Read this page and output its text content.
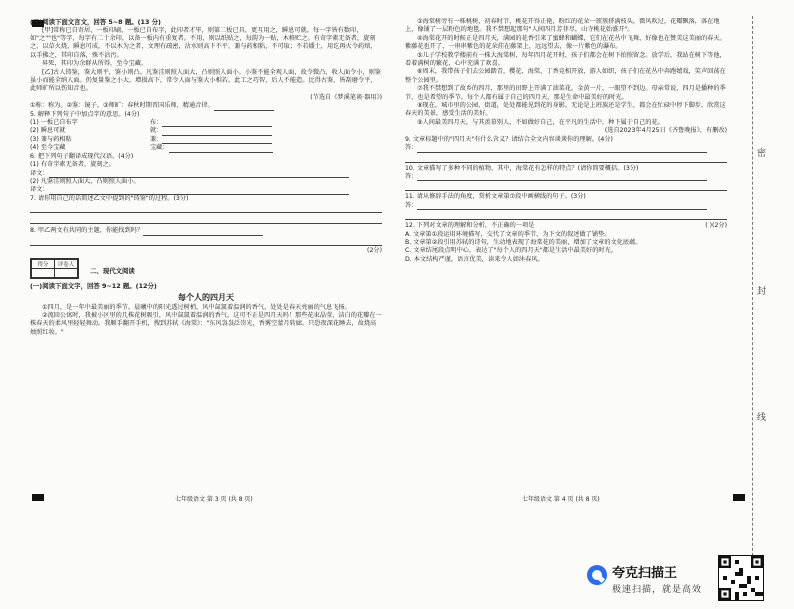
密
封
线

(三)阅读下面文言文，回答 5~8 题。(13 分)

[甲]常称已自寄居，一板印刷，一板已自布字，此印者才毕，则第二板已具，更互用之，瞬息可就。每一字皆有数印，如"之""也"等字，每字有二十余印，以备一板内有重复者。不用，则以纸贴之，每韵为一贴，木格贮之。有奇字素无备者，旋刻之，以草火烧，瞬息可成。不以木为之者，文理有疏密，沾水则高下不平，兼与药相粘，不可取；不若燔土，用讫再火令药熔，以手拂之，其印自落，殊不沾污。

昇死，其印为余群从所得，至今宝藏。

[乙]古人铸鉴，鉴大则平，鉴小则凸。凡鉴洼则照人面大，凸则照人面小。小鉴不能全观人面，故令微凸，收人面令小，则鉴虽小而能全纳人面。仍复量鉴之小大，增损高下，常令人面与鉴大小相若。此工之巧智，后人不能造。比得古鉴，皆刮磨令平，此师旷所以伤知音也。

(节选自《梦溪笔谈·器用》)

①称：称为。②鉴：镜子。③师旷：春秋时期晋国乐师，精通音律。

5. 解释下列句子中加点字的意思。(4分)

(1) 一板已自布字	布：

(2) 瞬息可就	就：

(3) 兼与药相粘	兼：

(4) 至今宝藏	宝藏：

6. 把下列句子翻译成现代汉语。(4分)

(1) 有奇字素无备者，旋刻之。

译文：

(2) 凡鉴洼则照人面大，凸则照人面小。

译文：

7. 请你用自己的话简述乙文中提到的"铸鉴"的过程。(3分)

8. 甲乙两文有共同的主题，你能找到吗？

(2分)

得分	评卷人

二、现代文阅读

(一)阅读下面文字，回答 9~12 题。(12分)

每个人的四月天

①四月，是一年中最美丽的季节。晨曦中的阳光透过树梢，风中氤氲着温润的香气，处处是春天亮丽的气息飞扬。

②流回公寓时，我被小区里的几株花树吸引，风中氤氲着温润的香气，这可不正是四月天吗！那些花束晶莹，洁白的花瓣在一株春天的柔风里轻轻舞动。我顺手翻开手机，搜到苏轼《海棠》："东风袅袅泛崇光，香雾空蒙月转廊。只恐夜深花睡去，故烧高烛照红妆。"

七年级语文 第 3 页 (共 8 页)

③海棠树旁有一株桃树，初春时节，桃花开得正艳，粉红的花朵一簇簇挤满枝头，微风吹过，花瓣飘落，落在地上，像铺了一层粉色的地毯。我不禁想起那句"人间四月芳菲尽，山寺桃花始盛开"。

④海棠花开的时候正是四月天，满园的花香引来了蜜蜂和蝴蝶，它们在花丛中飞舞，好像也在赞美这美丽的春天。紫藤花也开了，一串串紫色的花朵挂在藤架上，远远望去，像一片紫色的瀑布。

⑤儿子学校教学楼前有一株大海棠树，每年四月花开时，孩子们都会在树下拍照留念。放学后，我站在树下等他，看着满树的繁花，心中充满了欢喜。

⑥周末，我带孩子们去公园踏青，樱花、海棠、丁香竞相开放，游人如织，孩子们在花丛中奔跑嬉戏，笑声回荡在整个公园里。

⑦我不禁想到了故乡的四月，那里的田野上开满了油菜花，金黄一片，一眼望不到边。母亲常说，四月是播种的季节，也是希望的季节。每个人都有属于自己的四月天，那是生命中最美好的时光。

⑧现在，城市里的公园、街道，处处都能见到花的身影。无论是上班族还是学生，都会在忙碌中停下脚步，欣赏这春天的美景，感受生活的美好。

⑨人间最美四月天，与其羡慕别人，不如做好自己，在平凡的生活中，种下属于自己的花。

(选自2023年4月25日《齐鲁晚报》，有删改)

9. 文章标题中的"四月天"有什么含义？请结合全文内容谈谈你的理解。(4分)

答：

10. 文章描写了多种不同的植物，其中，海棠花有怎样的特点？(请你简要概括。(3分)

答：

11. 请从修辞手法的角度，赏析文章第⑦段中画横线的句子。(3分)

答：

12. 下列对文章的理解和分析，不正确的一项是	( )(2分)

A. 文章第①段运用环境描写，交代了文章的季节，为下文的叙述做了铺垫。

B. 文章第②段引用苏轼的诗句，生动地表现了海棠花的美丽，增加了文章的文化底蕴。

C. 文章结尾段点明中心，表达了"每个人的四月天"都是生活中最美好的时光。

D. 本文结构严谨，语言优美，读来令人如沐春风。

七年级语文 第 4 页 (共 8 页)
夸克扫描王
极速扫描，就是高效
